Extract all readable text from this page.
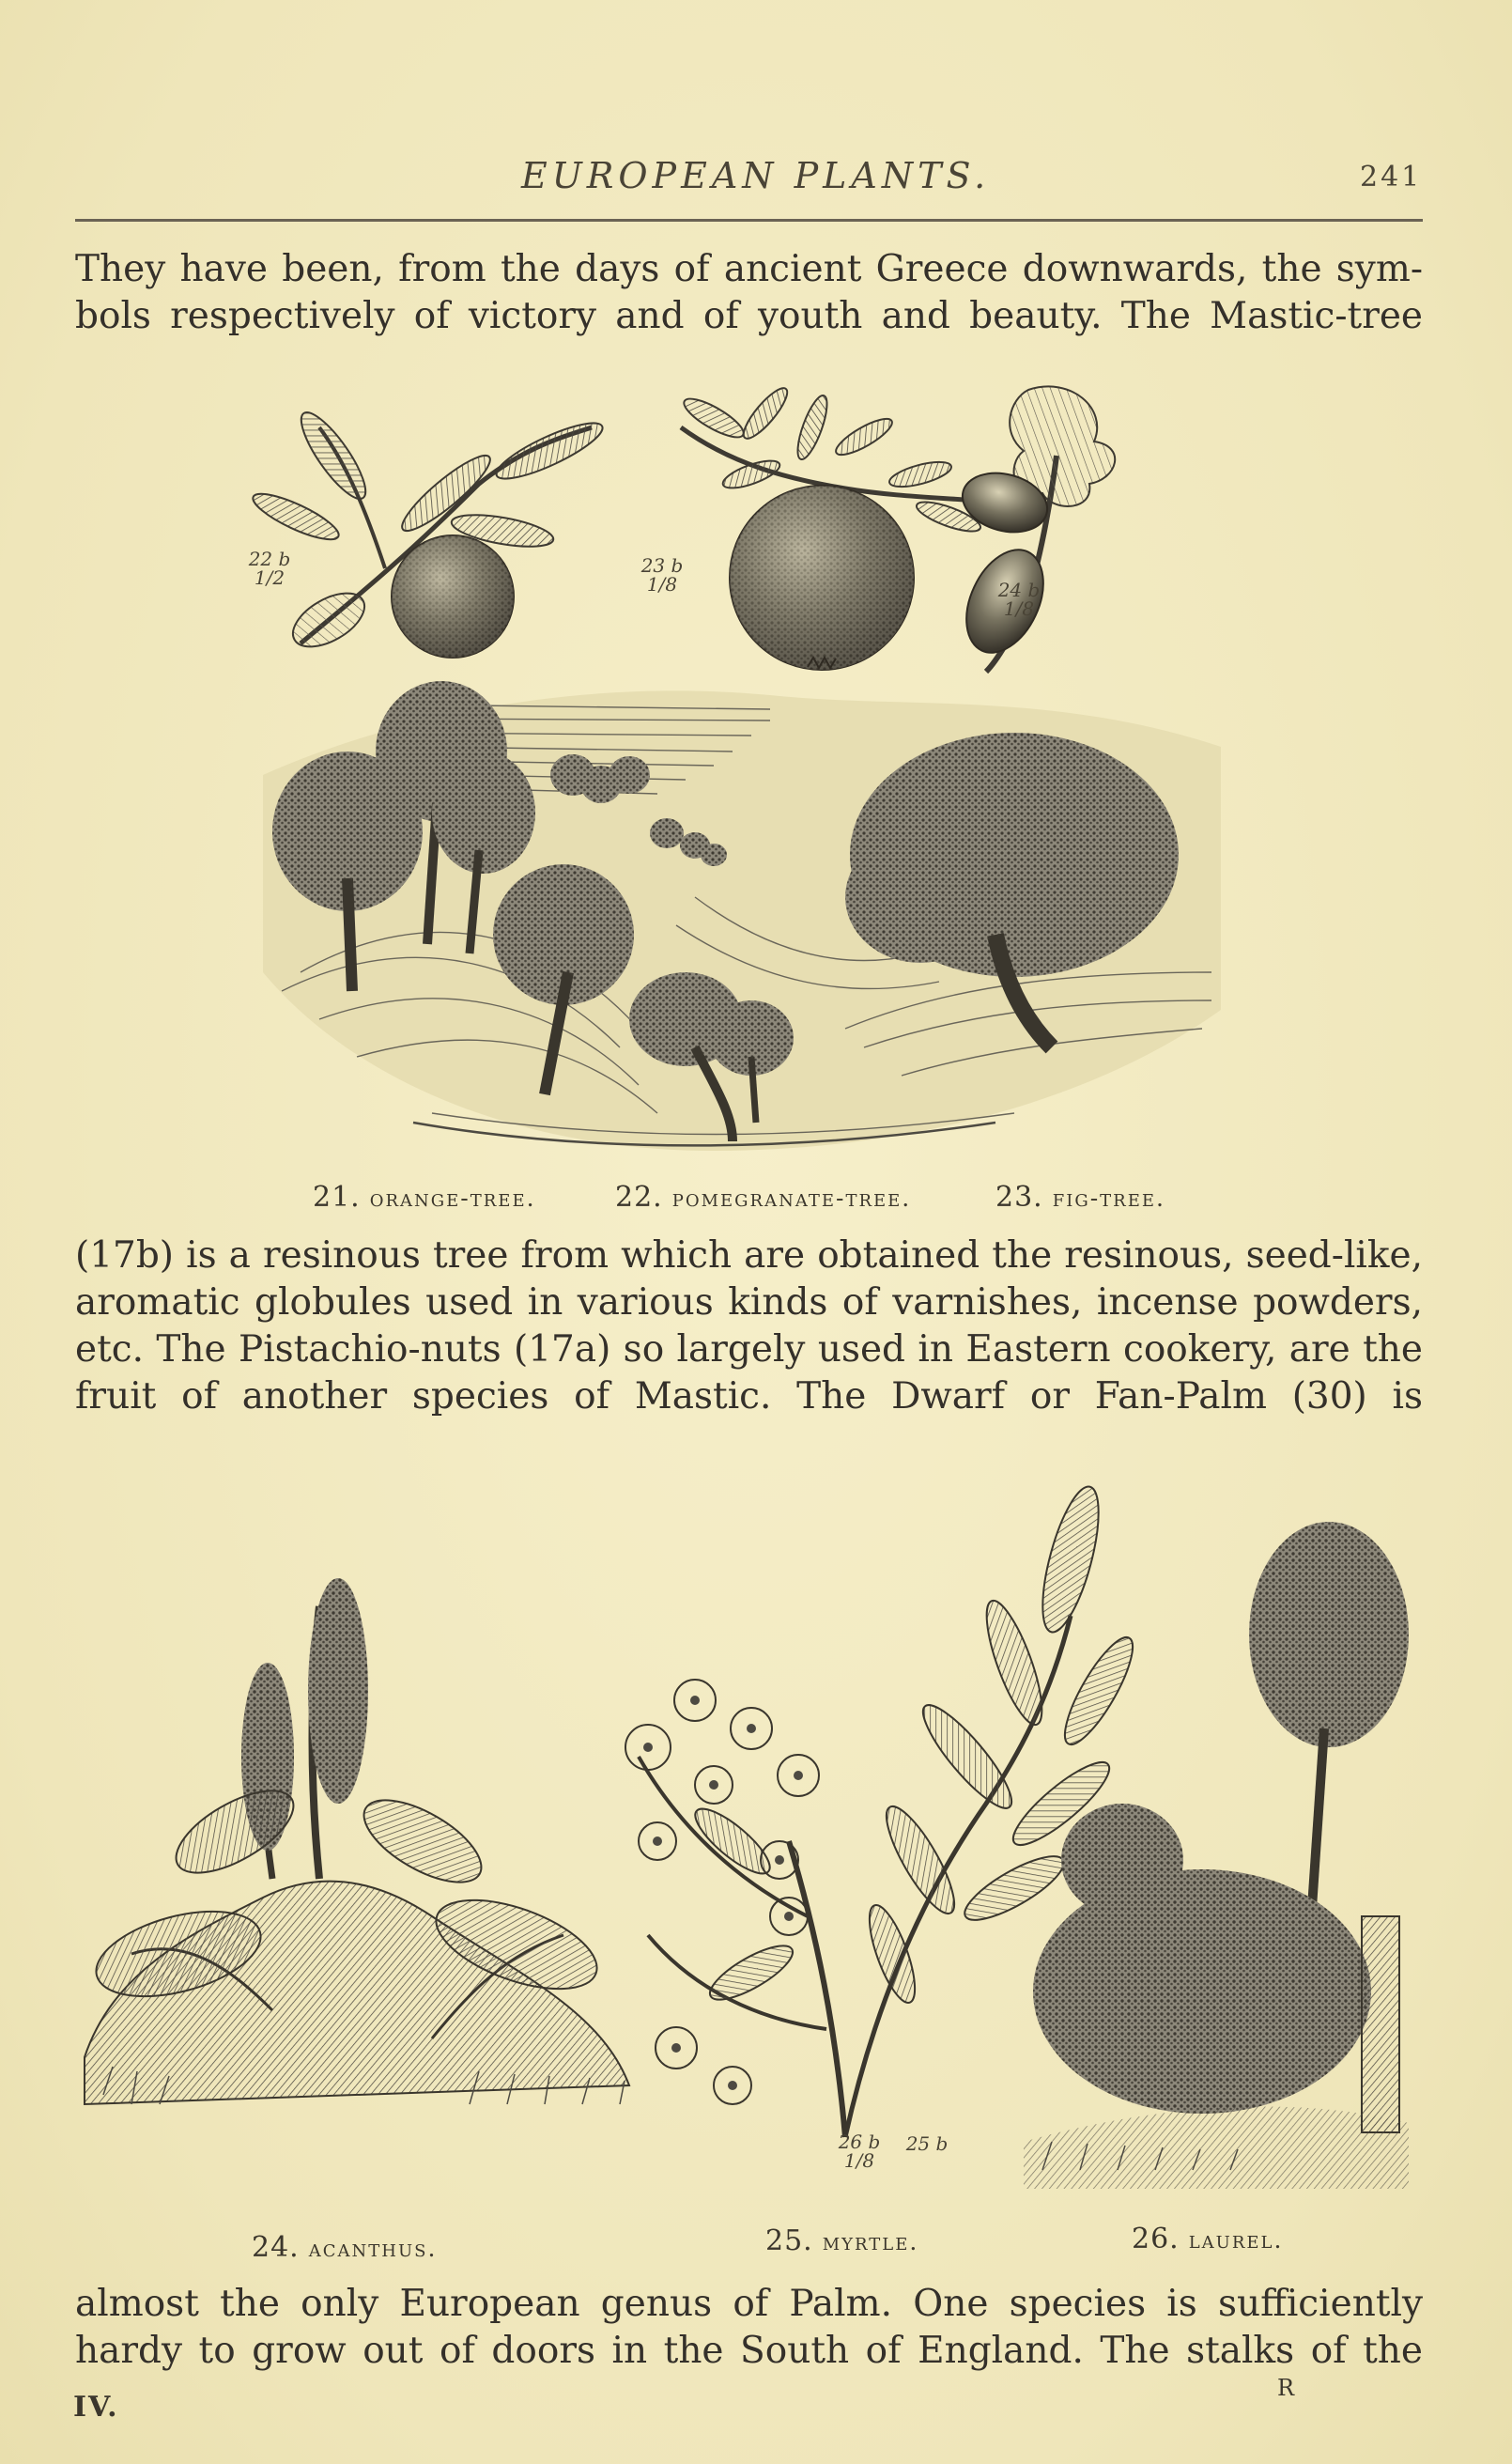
EUROPEAN PLANTS.	241
They have been, from the days of ancient Greece downwards, the sym-
bols respectively of victory and of youth and beauty. The Mastic-tree
22 b
1/2
23 b
1/8	24 b
1/8
21. orange-tree.	22. pomegranate-tree.	23. fig-tree.
(17b) is a resinous tree from which are obtained the resinous, seed-like,
aromatic globules used in various kinds of varnishes, incense powders,
etc. The Pistachio-nuts (17a) so largely used in Eastern cookery, are the
fruit of another species of Mastic. The Dwarf or Fan-Palm (30) is
26 b
1/8
25 b
24. acanthus.	25. myrtle.	26. laurel.
almost the only European genus of Palm. One species is sufficiently
hardy to grow out of doors in the South of England. The stalks of the
IV.
R
